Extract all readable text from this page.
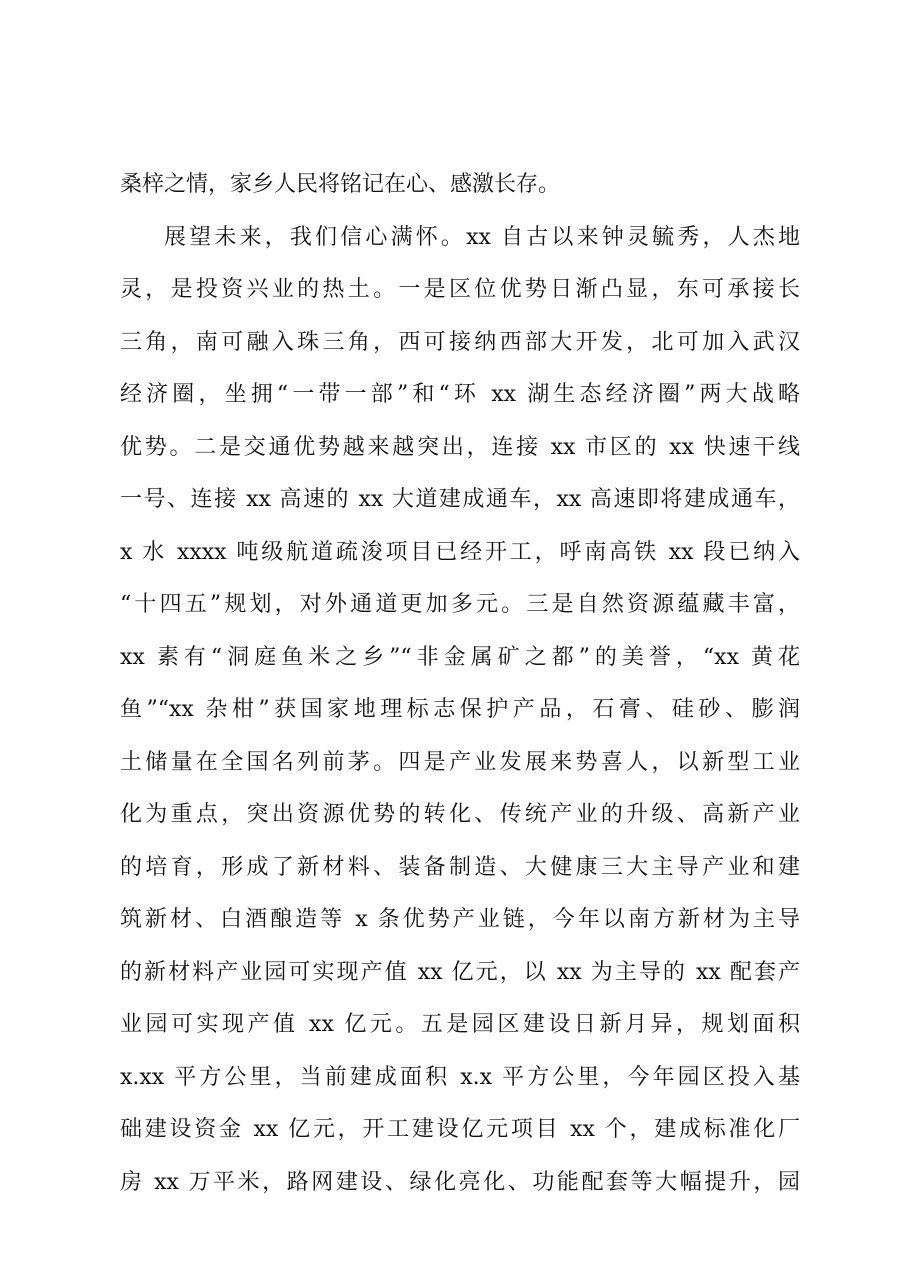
桑梓之情，家乡人民将铭记在心、感激长存。
展望未来，我们信心满怀。xx 自古以来钟灵毓秀，人杰地
灵，是投资兴业的热土。一是区位优势日渐凸显，东可承接长
三角，南可融入珠三角，西可接纳西部大开发，北可加入武汉
经济圈，坐拥“一带一部”和“环 xx 湖生态经济圈”两大战略
优势。二是交通优势越来越突出，连接 xx 市区的 xx 快速干线
一号、连接 xx 高速的 xx 大道建成通车，xx 高速即将建成通车，
x 水 xxxx 吨级航道疏浚项目已经开工，呼南高铁 xx 段已纳入
“十四五”规划，对外通道更加多元。三是自然资源蕴藏丰富，
xx 素有“洞庭鱼米之乡”“非金属矿之都”的美誉，“xx 黄花
鱼”“xx 杂柑”获国家地理标志保护产品，石膏、硅砂、膨润
土储量在全国名列前茅。四是产业发展来势喜人，以新型工业
化为重点，突出资源优势的转化、传统产业的升级、高新产业
的培育，形成了新材料、装备制造、大健康三大主导产业和建
筑新材、白酒酿造等 x 条优势产业链，今年以南方新材为主导
的新材料产业园可实现产值 xx 亿元，以 xx 为主导的 xx 配套产
业园可实现产值 xx 亿元。五是园区建设日新月异，规划面积
x.xx 平方公里，当前建成面积 x.x 平方公里，今年园区投入基
础建设资金 xx 亿元，开工建设亿元项目 xx 个，建成标准化厂
房 xx 万平米，路网建设、绿化亮化、功能配套等大幅提升，园
